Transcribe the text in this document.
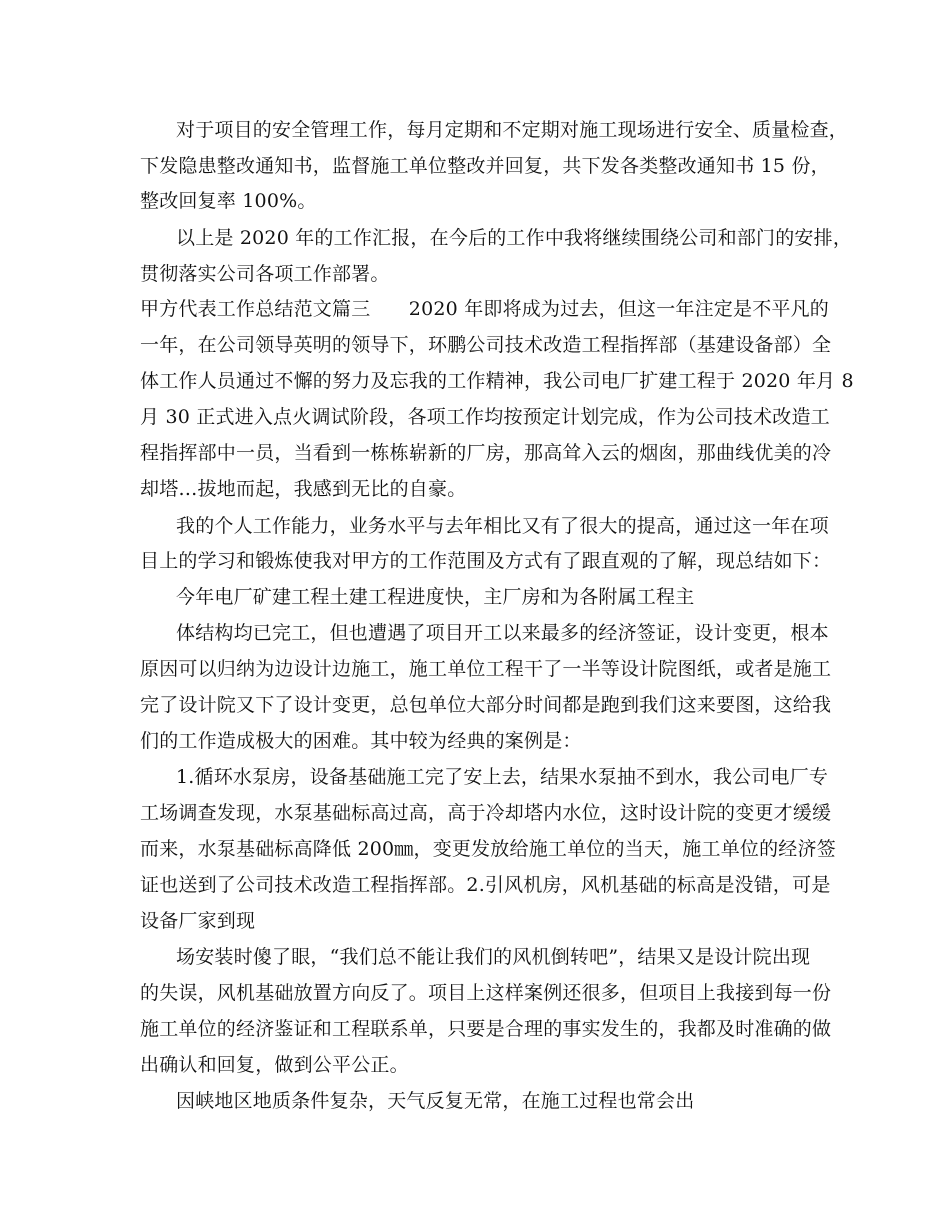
对于项目的安全管理工作，每月定期和不定期对施工现场进行安全、质量检查，
下发隐患整改通知书，监督施工单位整改并回复，共下发各类整改通知书 15 份，
整改回复率 100%。
以上是 2020 年的工作汇报，在今后的工作中我将继续围绕公司和部门的安排，
贯彻落实公司各项工作部署。
甲方代表工作总结范文篇三　　2020 年即将成为过去，但这一年注定是不平凡的
一年，在公司领导英明的领导下，环鹏公司技术改造工程指挥部（基建设备部）全
体工作人员通过不懈的努力及忘我的工作精神，我公司电厂扩建工程于 2020 年月 8
月 30 正式进入点火调试阶段，各项工作均按预定计划完成，作为公司技术改造工
程指挥部中一员，当看到一栋栋崭新的厂房，那高耸入云的烟囱，那曲线优美的冷
却塔…拔地而起，我感到无比的自豪。
我的个人工作能力，业务水平与去年相比又有了很大的提高，通过这一年在项
目上的学习和锻炼使我对甲方的工作范围及方式有了跟直观的了解，现总结如下：
今年电厂矿建工程土建工程进度快，主厂房和为各附属工程主
体结构均已完工，但也遭遇了项目开工以来最多的经济签证，设计变更，根本
原因可以归纳为边设计边施工，施工单位工程干了一半等设计院图纸，或者是施工
完了设计院又下了设计变更，总包单位大部分时间都是跑到我们这来要图，这给我
们的工作造成极大的困难。其中较为经典的案例是：
1.循环水泵房，设备基础施工完了安上去，结果水泵抽不到水，我公司电厂专
工场调查发现，水泵基础标高过高，高于冷却塔内水位，这时设计院的变更才缓缓
而来，水泵基础标高降低 200㎜，变更发放给施工单位的当天，施工单位的经济签
证也送到了公司技术改造工程指挥部。2.引风机房，风机基础的标高是没错，可是
设备厂家到现
场安装时傻了眼，“我们总不能让我们的风机倒转吧”，结果又是设计院出现
的失误，风机基础放置方向反了。项目上这样案例还很多，但项目上我接到每一份
施工单位的经济鉴证和工程联系单，只要是合理的事实发生的，我都及时准确的做
出确认和回复，做到公平公正。
因峡地区地质条件复杂，天气反复无常，在施工过程也常会出
